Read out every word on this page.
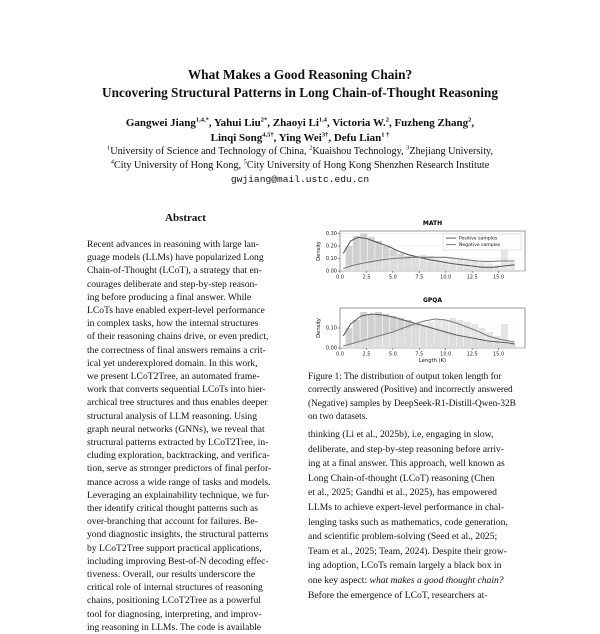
What Makes a Good Reasoning Chain?
Uncovering Structural Patterns in Long Chain-of-Thought Reasoning
Gangwei Jiang$^{1,4,*}$, Yahui Liu$^{2*}$, Zhaoyi Li$^{1,4}$, Victoria W.$^2$, Fuzheng Zhang$^2$,
Linqi Song$^{4,5\dagger}$, Ying Wei$^{3\dagger}$, Defu Lian$^{1 \dagger}$
$^1$University of Science and Technology of China, $^2$Kuaishou Technology, $^3$Zhejiang University,
$^4$City University of Hong Kong, $^5$City University of Hong Kong Shenzhen Research Institute
gwjiang@mail.ustc.edu.cn
Abstract
Recent advances in reasoning with large lan-
guage models (LLMs) have popularized Long
Chain-of-Thought (LCoT), a strategy that en-
courages deliberate and step-by-step reason-
ing before producing a final answer. While
LCoTs have enabled expert-level performance
in complex tasks, how the internal structures
of their reasoning chains drive, or even predict,
the correctness of final answers remains a crit-
ical yet underexplored domain. In this work,
we present LCoT2Tree, an automated frame-
work that converts sequential LCoTs into hier-
archical tree structures and thus enables deeper
structural analysis of LLM reasoning. Using
graph neural networks (GNNs), we reveal that
structural patterns extracted by LCoT2Tree, in-
cluding exploration, backtracking, and verifica-
tion, serve as stronger predictors of final perfor-
mance across a wide range of tasks and models.
Leveraging an explainability technique, we fur-
ther identify critical thought patterns such as
over-branching that account for failures. Be-
yond diagnostic insights, the structural patterns
by LCoT2Tree support practical applications,
including improving Best-of-N decoding effec-
tiveness. Overall, our results underscore the
critical role of internal structures of reasoning
chains, positioning LCoT2Tree as a powerful
tool for diagnosing, interpreting, and improv-
ing reasoning in LLMs. The code is available
MATH
0.00
0.10
0.20
0.30
0.0	2.5	5.0	7.5	10.0	12.5	15.0
Density
Positive samples
Negative samples
GPQA
0.00
0.10
0.0	2.5	5.0	7.5	10.0	12.5	15.0
Density
Length (K)
Figure 1: The distribution of output token length for
correctly answered (Positive) and incorrectly answered
(Negative) samples by DeepSeek-R1-Distill-Qwen-32B
on two datasets.
thinking (Li et al., 2025b), i.e, engaging in slow,
deliberate, and step-by-step reasoning before arriv-
ing at a final answer. This approach, well known as
Long Chain-of-thought (LCoT) reasoning (Chen
et al., 2025; Gandhi et al., 2025), has empowered
LLMs to achieve expert-level performance in chal-
lenging tasks such as mathematics, code generation,
and scientific problem-solving (Seed et al., 2025;
Team et al., 2025; Team, 2024). Despite their grow-
ing adoption, LCoTs remain largely a black box in
one key aspect: what makes a good thought chain?
Before the emergence of LCoT, researchers at-
